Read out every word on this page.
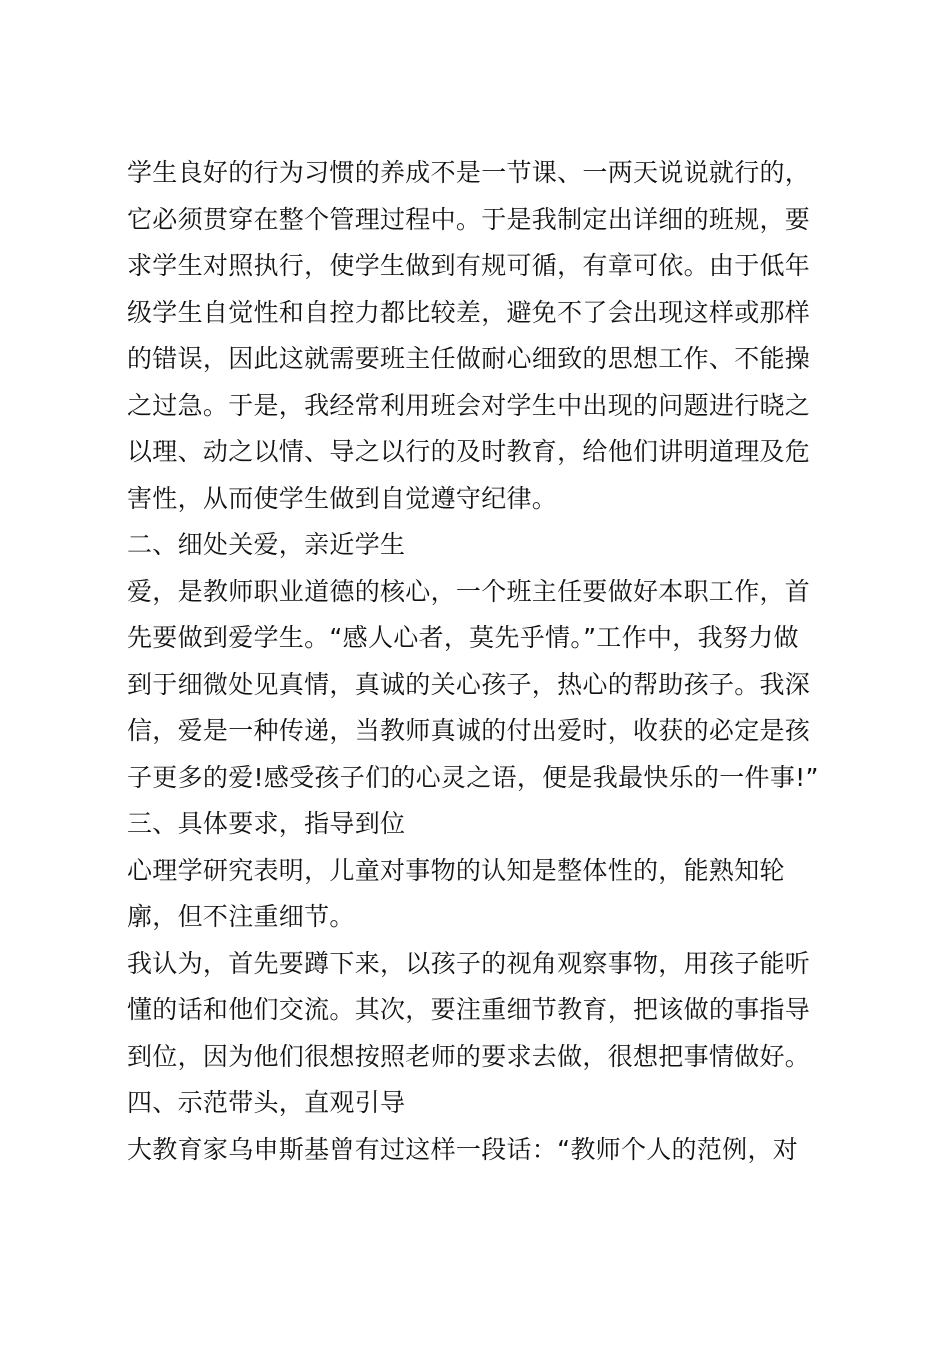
学生良好的行为习惯的养成不是一节课、一两天说说就行的，
它必须贯穿在整个管理过程中。于是我制定出详细的班规，要
求学生对照执行，使学生做到有规可循，有章可依。由于低年
级学生自觉性和自控力都比较差，避免不了会出现这样或那样
的错误，因此这就需要班主任做耐心细致的思想工作、不能操
之过急。于是，我经常利用班会对学生中出现的问题进行晓之
以理、动之以情、导之以行的及时教育，给他们讲明道理及危
害性，从而使学生做到自觉遵守纪律。
二、细处关爱，亲近学生
爱，是教师职业道德的核心，一个班主任要做好本职工作，首
先要做到爱学生。“感人心者，莫先乎情。”工作中，我努力做
到于细微处见真情，真诚的关心孩子，热心的帮助孩子。我深
信，爱是一种传递，当教师真诚的付出爱时，收获的必定是孩
子更多的爱!感受孩子们的心灵之语，便是我最快乐的一件事!”
三、具体要求，指导到位
心理学研究表明，儿童对事物的认知是整体性的，能熟知轮
廓，但不注重细节。
我认为，首先要蹲下来，以孩子的视角观察事物，用孩子能听
懂的话和他们交流。其次，要注重细节教育，把该做的事指导
到位，因为他们很想按照老师的要求去做，很想把事情做好。
四、示范带头，直观引导
大教育家乌申斯基曾有过这样一段话：“教师个人的范例，对
